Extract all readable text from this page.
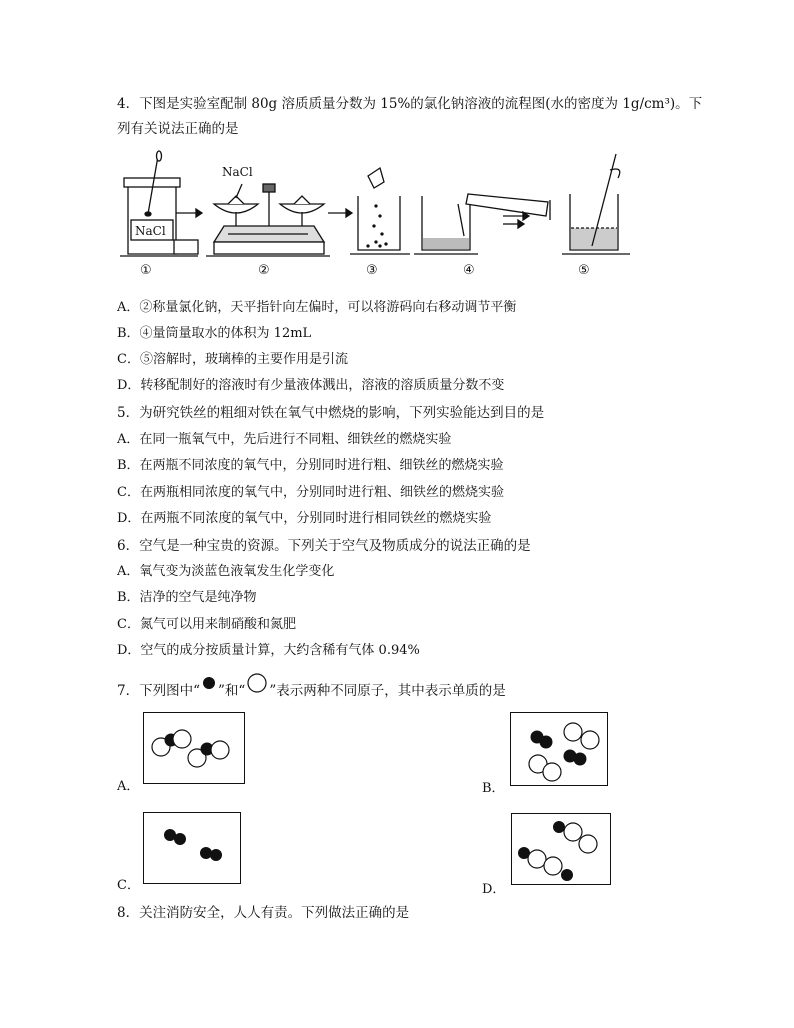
4．下图是实验室配制 80g 溶质质量分数为 15%的氯化钠溶液的流程图(水的密度为 1g/cm³)。下
列有关说法正确的是
NaCl
NaCl
①	②	③	④	⑤
A．②称量氯化钠，天平指针向左偏时，可以将游码向右移动调节平衡
B．④量筒量取水的体积为 12mL
C．⑤溶解时，玻璃棒的主要作用是引流
D．转移配制好的溶液时有少量液体溅出，溶液的溶质质量分数不变
5．为研究铁丝的粗细对铁在氧气中燃烧的影响，下列实验能达到目的是
A．在同一瓶氧气中，先后进行不同粗、细铁丝的燃烧实验
B．在两瓶不同浓度的氧气中，分别同时进行粗、细铁丝的燃烧实验
C．在两瓶相同浓度的氧气中，分别同时进行粗、细铁丝的燃烧实验
D．在两瓶不同浓度的氧气中，分别同时进行相同铁丝的燃烧实验
6．空气是一种宝贵的资源。下列关于空气及物质成分的说法正确的是
A．氧气变为淡蓝色液氧发生化学变化
B．洁净的空气是纯净物
C．氮气可以用来制硝酸和氮肥
D．空气的成分按质量计算，大约含稀有气体 0.94%
7．下列图中“ ”和“ ”表示两种不同原子，其中表示单质的是
A．	B．
C．	D．
8．关注消防安全，人人有责。下列做法正确的是
